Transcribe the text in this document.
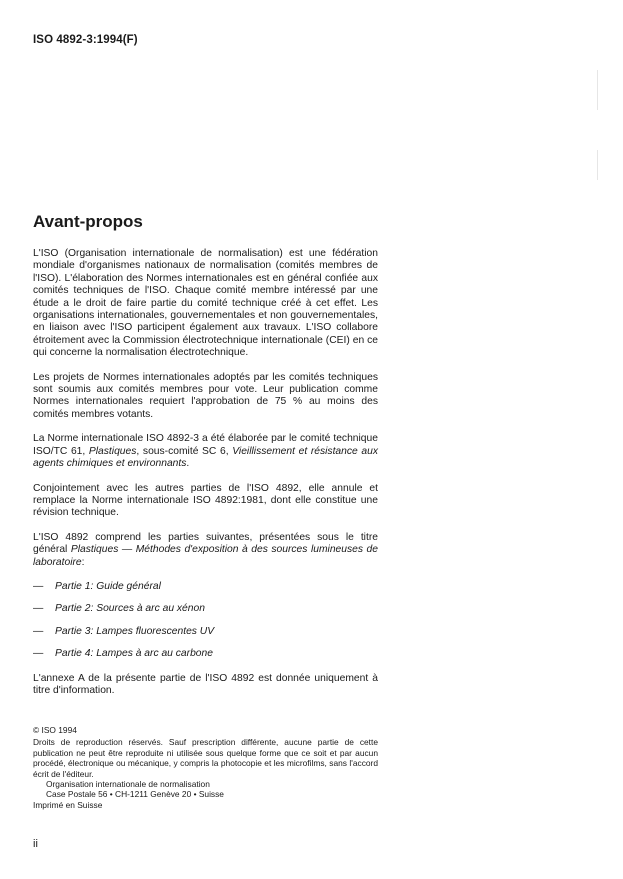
ISO 4892-3:1994(F)
Avant-propos

L'ISO (Organisation internationale de normalisation) est une fédération mondiale d'organismes nationaux de normalisation (comités membres de l'ISO). L'élaboration des Normes internationales est en général confiée aux comités techniques de l'ISO. Chaque comité membre intéressé par une étude a le droit de faire partie du comité technique créé à cet effet. Les organisations internationales, gouvernementales et non gouvernementales, en liaison avec l'ISO participent également aux travaux. L'ISO collabore étroitement avec la Commission électrotechnique internationale (CEI) en ce qui concerne la normalisation électrotechnique.

Les projets de Normes internationales adoptés par les comités techniques sont soumis aux comités membres pour vote. Leur publication comme Normes internationales requiert l'approbation de 75 % au moins des comités membres votants.

La Norme internationale ISO 4892-3 a été élaborée par le comité technique ISO/TC 61, Plastiques, sous-comité SC 6, Vieillissement et résistance aux agents chimiques et environnants.

Conjointement avec les autres parties de l'ISO 4892, elle annule et remplace la Norme internationale ISO 4892:1981, dont elle constitue une révision technique.

L'ISO 4892 comprend les parties suivantes, présentées sous le titre général Plastiques — Méthodes d'exposition à des sources lumineuses de laboratoire:

— Partie 1: Guide général

— Partie 2: Sources à arc au xénon

— Partie 3: Lampes fluorescentes UV

— Partie 4: Lampes à arc au carbone

L'annexe A de la présente partie de l'ISO 4892 est donnée uniquement à titre d'information.

© ISO 1994
Droits de reproduction réservés. Sauf prescription différente, aucune partie de cette publication ne peut être reproduite ni utilisée sous quelque forme que ce soit et par aucun procédé, électronique ou mécanique, y compris la photocopie et les microfilms, sans l'accord écrit de l'éditeur.
Organisation internationale de normalisation
Case Postale 56 • CH-1211 Genève 20 • Suisse
Imprimé en Suisse
ii
